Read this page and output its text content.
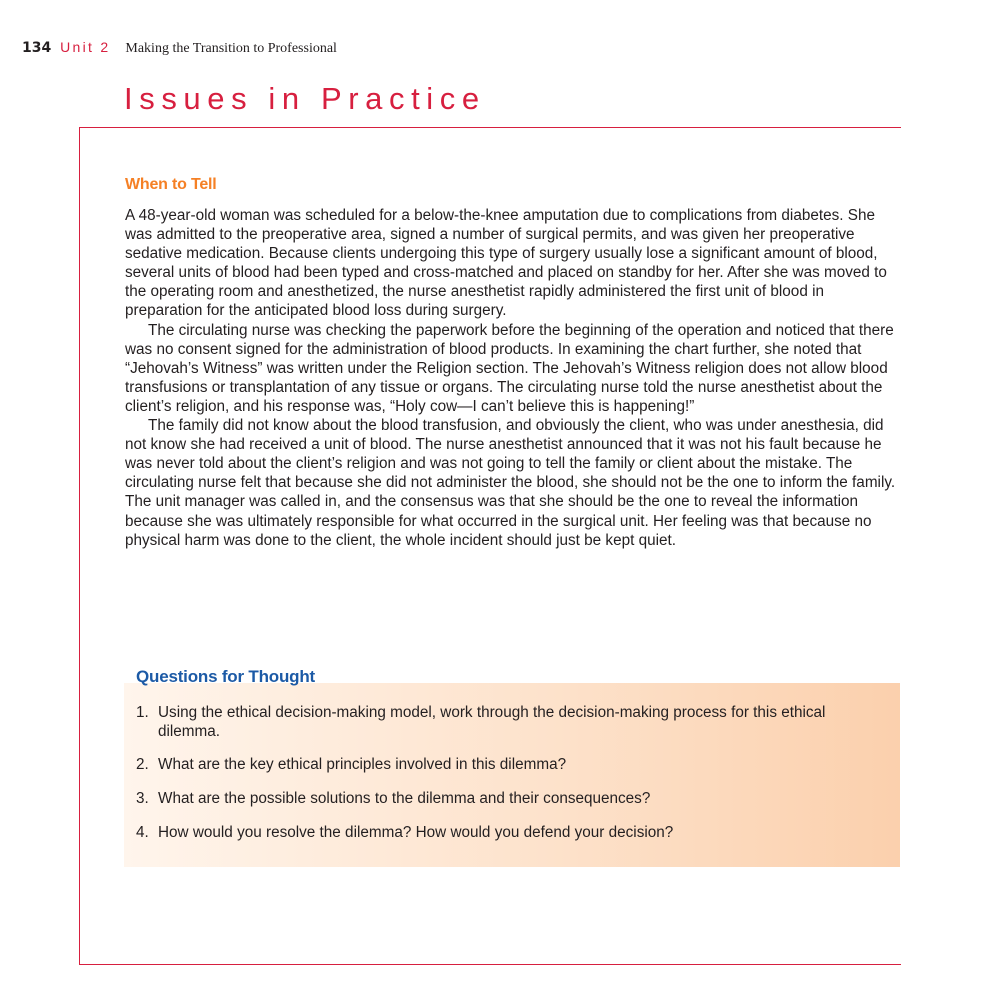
134 Unit 2 Making the Transition to Professional
Issues in Practice
When to Tell

A 48-year-old woman was scheduled for a below-the-knee amputation due to complications from diabetes. She was admitted to the preoperative area, signed a number of surgical permits, and was given her preoperative sedative medication. Because clients undergoing this type of surgery usually lose a significant amount of blood, several units of blood had been typed and cross-matched and placed on standby for her. After she was moved to the operating room and anesthetized, the nurse anesthetist rapidly administered the first unit of blood in preparation for the anticipated blood loss during surgery.

The circulating nurse was checking the paperwork before the beginning of the operation and noticed that there was no consent signed for the administration of blood products. In examining the chart further, she noted that “Jehovah’s Witness” was written under the Religion section. The Jehovah’s Witness religion does not allow blood transfusions or transplantation of any tissue or organs. The circulating nurse told the nurse anesthetist about the client’s religion, and his response was, “Holy cow—I can’t believe this is happening!”

The family did not know about the blood transfusion, and obviously the client, who was under anesthesia, did not know she had received a unit of blood. The nurse anesthetist announced that it was not his fault because he was never told about the client’s religion and was not going to tell the family or client about the mistake. The circulating nurse felt that because she did not administer the blood, she should not be the one to inform the family. The unit manager was called in, and the consensus was that she should be the one to reveal the information because she was ultimately responsible for what occurred in the surgical unit. Her feeling was that because no physical harm was done to the client, the whole incident should just be kept quiet.

Questions for Thought
1. Using the ethical decision-making model, work through the decision-making process for this ethical dilemma.
2. What are the key ethical principles involved in this dilemma?
3. What are the possible solutions to the dilemma and their consequences?
4. How would you resolve the dilemma? How would you defend your decision?
